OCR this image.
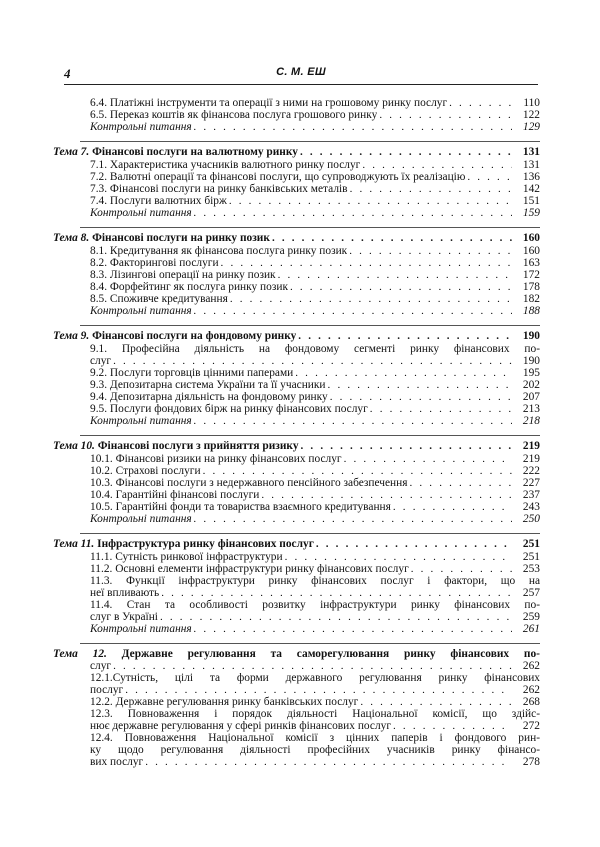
4	С. М. ЕШ
6.4. Платіжні інструменти та операції з ними на грошовому ринку послуг . . .	110
6.5. Переказ коштів як фінансова послуга грошового ринку . . .	122
Контрольні питання . . .	129
Тема 7. Фінансові послуги на валютному ринку . . .	131
7.1. Характеристика учасників валютного ринку послуг . . .	131
7.2. Валютні операції та фінансові послуги, що супроводжують їх реалізацію . . .	136
7.3. Фінансові послуги на ринку банківських металів . . .	142
7.4. Послуги валютних бірж . . .	151
Контрольні питання . . .	159
Тема 8. Фінансові послуги на ринку позик . . .	160
8.1. Кредитування як фінансова послуга ринку позик . . .	160
8.2. Факторингові послуги . . .	163
8.3. Лізингові операції на ринку позик . . .	172
8.4. Форфейтинг як послуга ринку позик . . .	178
8.5. Споживче кредитування . . .	182
Контрольні питання . . .	188
Тема 9. Фінансові послуги на фондовому ринку . . .	190
9.1. Професійна діяльність на фондовому сегменті ринку фінансових по-
слуг . . .	190
9.2. Послуги торговців цінними паперами . . .	195
9.3. Депозитарна система України та її учасники . . .	202
9.4. Депозитарна діяльність на фондовому ринку . . .	207
9.5. Послуги фондових бірж на ринку фінансових послуг . . .	213
Контрольні питання . . .	218
Тема 10. Фінансові послуги з прийняття ризику . . .	219
10.1. Фінансові ризики на ринку фінансових послуг . . .	219
10.2. Страхові послуги . . .	222
10.3. Фінансові послуги з недержавного пенсійного забезпечення . . .	227
10.4. Гарантійні фінансові послуги . . .	237
10.5. Гарантійні фонди та товариства взаємного кредитування . . .	243
Контрольні питання . . .	250
Тема 11. Інфраструктура ринку фінансових послуг . . .	251
11.1. Сутність ринкової інфраструктури . . .	251
11.2. Основні елементи інфраструктури ринку фінансових послуг . . .	253
11.3. Функції інфраструктури ринку фінансових послуг і фактори, що на
неї впливають . . .	257
11.4. Стан та особливості розвитку інфраструктури ринку фінансових по-
слуг в Україні . . .	259
Контрольні питання . . .	261
Тема 12. Державне регулювання та саморегулювання ринку фінансових по-
слуг . . .	262
12.1.Сутність, цілі та форми державного регулювання ринку фінансових
послуг . . .	262
12.2. Державне регулювання ринку банківських послуг . . .	268
12.3. Повноваження і порядок діяльності Національної комісії, що здійс-
нює державне регулювання у сфері ринків фінансових послуг . . .	272
12.4. Повноваження Національної комісії з цінних паперів і фондового рин-
ку щодо регулювання діяльності професійних учасників ринку фінансо-
вих послуг . . .	278
